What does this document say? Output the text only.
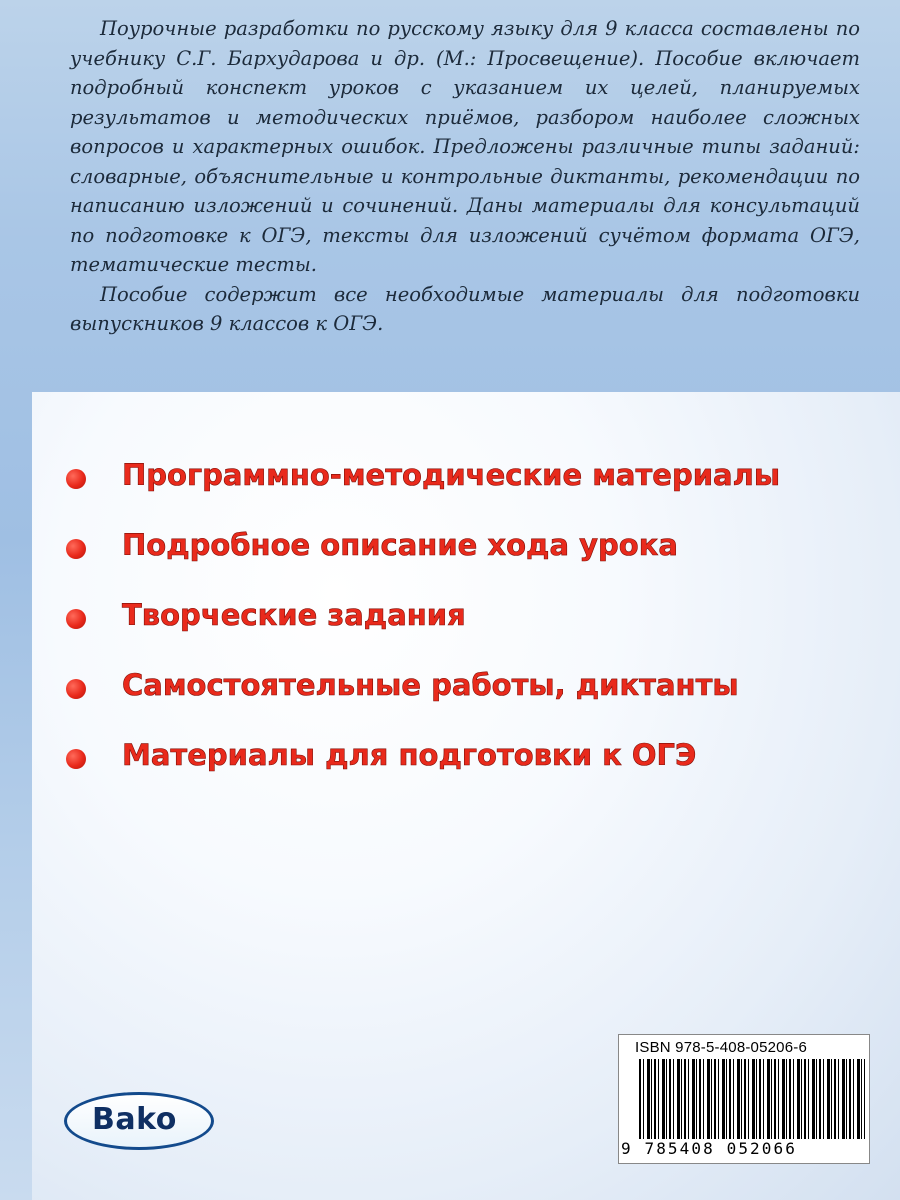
Поурочные разработки по русскому языку для 9 класса составлены по учебнику С.Г. Бархударова и др. (М.: Просвещение). Пособие включает подробный конспект уроков с указанием их целей, планируемых результатов и методических приёмов, разбором наиболее сложных вопросов и характерных ошибок. Предложены различные типы заданий: словарные, объяснительные и контрольные диктанты, рекомендации по написанию изложений и сочинений. Даны материалы для консультаций по подготовке к ОГЭ, тексты для изложений сучётом формата ОГЭ, тематические тесты.

Пособие содержит все необходимые материалы для подготовки выпускников 9 классов к ОГЭ.

Программно-методические материалы
Подробное описание хода урока
Творческие задания
Самостоятельные работы, диктанты
Материалы для подготовки к ОГЭ
Bako
ISBN 978-5-408-05206-6
9 785408 052066
